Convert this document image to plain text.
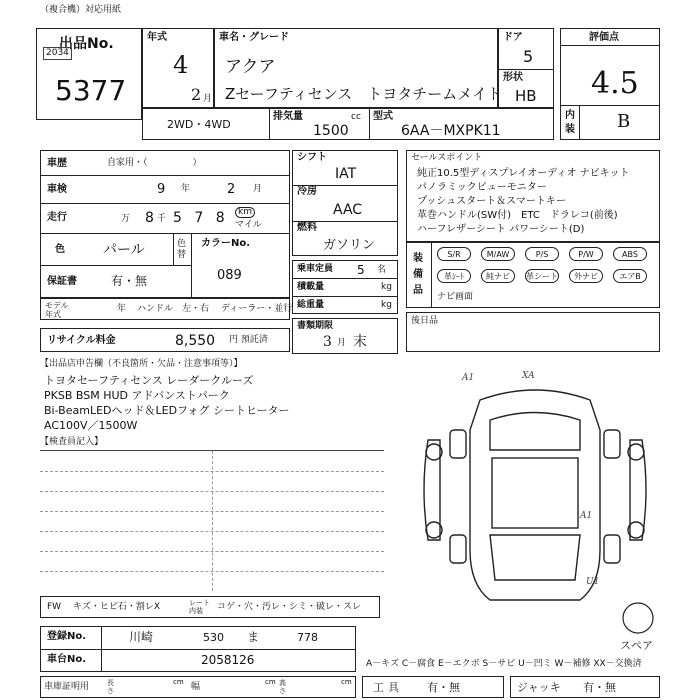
（複合機）対応用紙
出品No.
2034
5377
年式
4
2 月
車名・グレード
アクア
Zセーフティセンス　トヨタチームメイト
ドア
5
形状
HB
評価点
4.5
内装 B
2WD・4WD
排気量	cc
1500
型式
6AA－MXPK11
車歴	自家用・（　　　　　）
車検	9 年	2 月
走行	万 8 千 5 7 8	km
マイル
色	パール	色替
カラーNo.
089
保証書	有・無
モデル年式
年 ハンドル　左・右 ディーラー・並行
リサイクル料金	8,550 円 預託済
シフト
IAT
冷房
AAC
燃料
ガソリン
乗車定員 5 名
積載量	kg
総重量	kg
書類期限
3 月 末
セールスポイント
純正10.5型ディスプレイオーディオ ナビキット
パノラミックビューモニター
プッシュスタート＆スマートキー
革巻ハンドル(SW付)　ETC　ドラレコ(前後)
ハーフレザーシート パワーシート(D)
装備品
S/R	M/AW	P/S	P/W	ABS
革ｼｰﾄ	純ナビ	革シート	外ナビ	エアB
ナビ画面
後日品
【出品店申告欄（不良箇所・欠品・注意事項等）】
トヨタセーフティセンス レーダークルーズ
PKSB BSM HUD アドバンストパーク
Bi-BeamLEDヘッド＆LEDフォグ シートヒーター
AC100V／1500W
【検査員記入】
A1	XA
A1
U1
スペア
FW キズ・ヒビ石・割レX	レート内装	コゲ・穴・汚レ・シミ・破レ・スレ
登録No.	川崎	530 ま	778
車台No.	2058126	A－キズ C－腐食 E－エクボ S－サビ U－凹ミ W－補修 XX－交換済
車庫証明用	長さ
cm 幅	cm 高さ
cm 工具 有・無	ジャッキ 有・無
